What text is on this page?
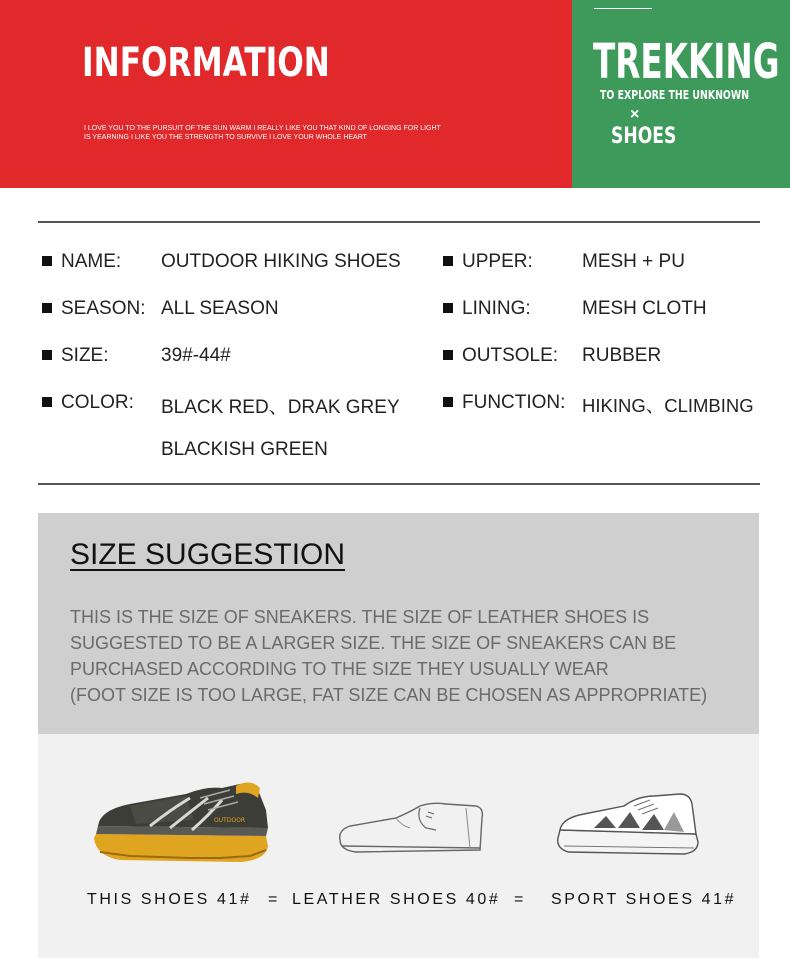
INFORMATION
I LOVE YOU TO THE PURSUIT OF THE SUN WARM I REALLY LIKE YOU THAT KIND OF LONGING FOR LIGHT
IS YEARNING I LIKE YOU THE STRENGTH TO SURVIVE I LOVE YOUR WHOLE HEART
TREKKING
TO EXPLORE THE UNKNOWN
×
SHOES
NAME: OUTDOOR HIKING SHOES
SEASON: ALL SEASON
SIZE:	39#-44#
COLOR: BLACK RED、DRAK GREY
BLACKISH GREEN
UPPER:	MESH + PU
LINING:	MESH CLOTH
OUTSOLE: RUBBER
FUNCTION: HIKING、CLIMBING
SIZE SUGGESTION
THIS IS THE SIZE OF SNEAKERS. THE SIZE OF LEATHER SHOES IS
SUGGESTED TO BE A LARGER SIZE. THE SIZE OF SNEAKERS CAN BE
PURCHASED ACCORDING TO THE SIZE THEY USUALLY WEAR
(FOOT SIZE IS TOO LARGE, FAT SIZE CAN BE CHOSEN AS APPROPRIATE)
OUTDOOR
THIS SHOES 41# = LEATHER SHOES 40# = SPORT SHOES 41#
